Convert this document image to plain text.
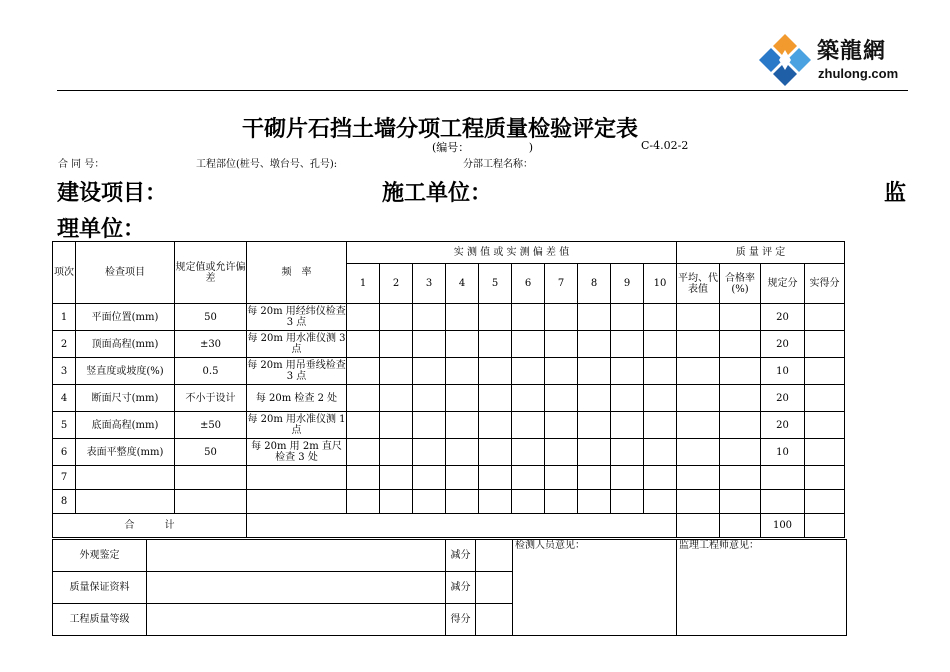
築龍網
zhulong.com
干砌片石挡土墙分项工程质量检验评定表
(编号：                 )	C-4.02-2
合 同 号：	工程部位(桩号、墩台号、孔号):	分部工程名称：
建设项目：	施工单位：	监
理单位：
项次	检查项目	规定值或允许偏差	频　率	实 测 值 或 实 测 偏 差 值										质 量 评 定			
				1	2	3	4	5	6	7	8	9	10	平均、代表值	合格率(%)	规定分	实得分
1	平面位置(mm)	50	每 20m 用经纬仪检查 3 点													20	
2	顶面高程(mm)	±30	每 20m 用水准仪测 3 点													20	
3	竖直度或坡度(%)	0.5	每 20m 用吊垂线检查 3 点													10	
4	断面尺寸(mm)	不小于设计	每 20m 检查 2 处													20	
5	底面高程(mm)	±50	每 20m 用水准仪测 1 点													20	
6	表面平整度(mm)	50	每 20m 用 2m 直尺检查 3 处													10	
7																	
8																	
合　　　计																100	
外观鉴定		减分		检测人员意见：	监理工程师意见：
质量保证资料		减分			
工程质量等级		得分			
